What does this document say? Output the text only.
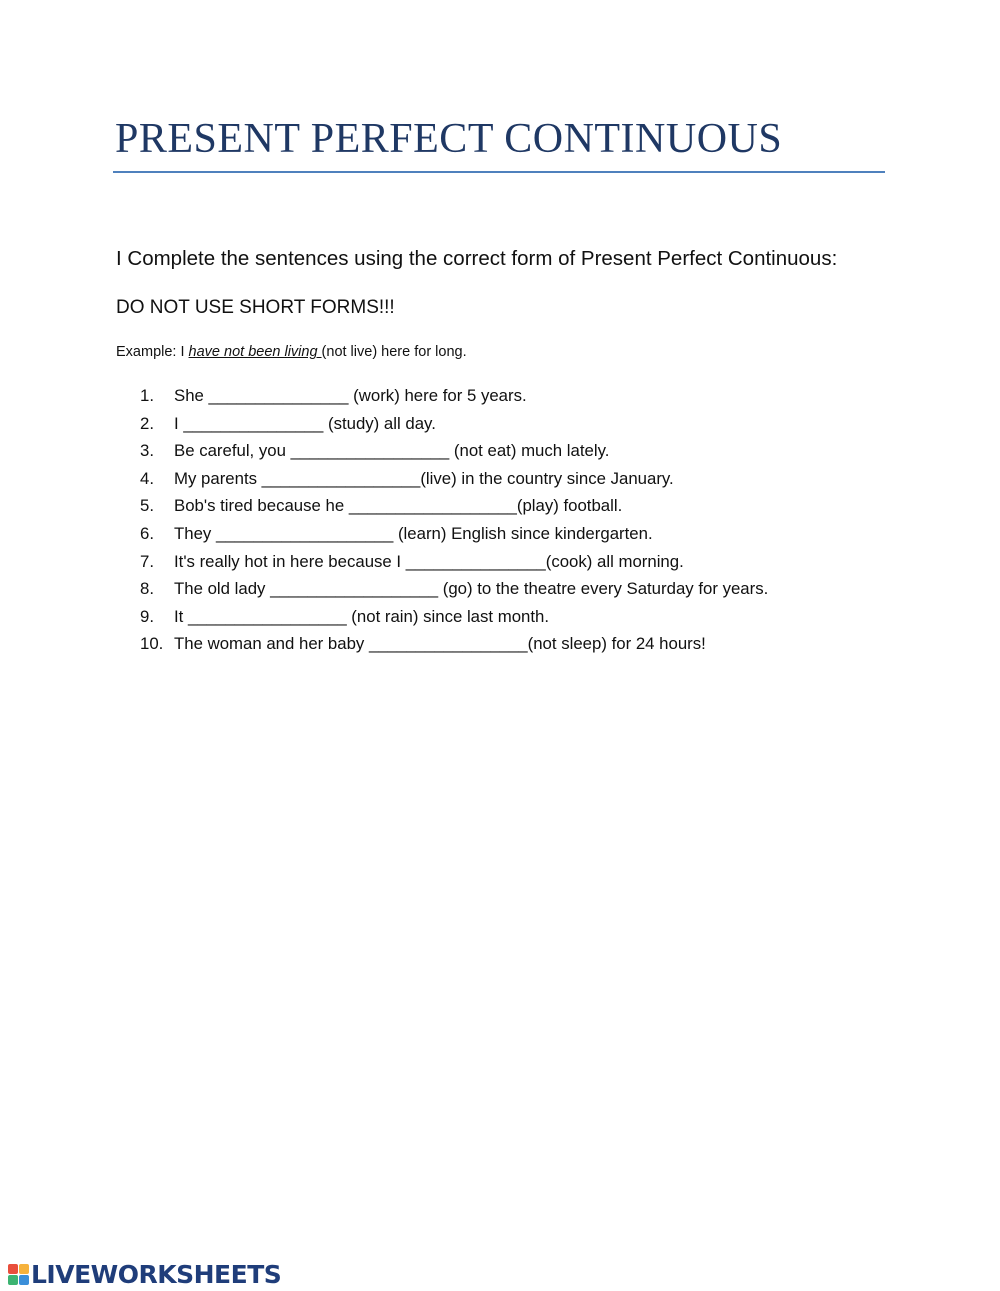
PRESENT PERFECT CONTINUOUS
I Complete the sentences using the correct form of Present Perfect Continuous:
DO NOT USE SHORT FORMS!!!
Example: I have not been living (not live) here for long.
1.	She _______________ (work) here for 5 years.
2.	I _______________ (study) all day.
3.	Be careful, you _________________ (not eat) much lately.
4.	My parents _________________(live) in the country since January.
5.	Bob's tired because he __________________(play) football.
6.	They ___________________ (learn) English since kindergarten.
7.	It's really hot in here because I _______________(cook) all morning.
8.	The old lady __________________ (go) to the theatre every Saturday for years.
9.	It _________________ (not rain) since last month.
10. The woman and her baby _________________(not sleep) for 24 hours!
LIVEWORKSHEETS
